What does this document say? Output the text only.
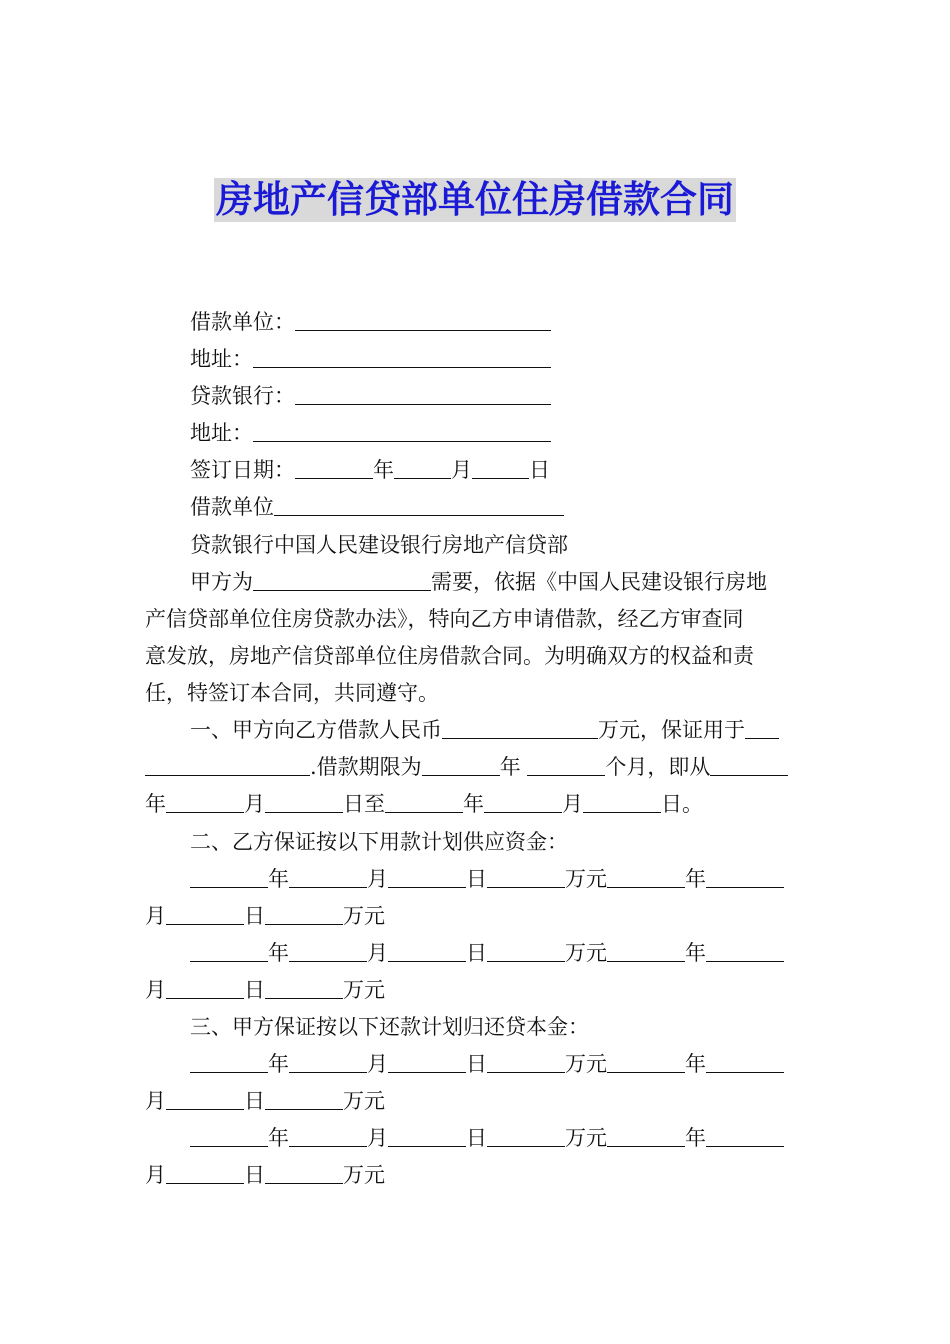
房地产信贷部单位住房借款合同
借款单位：
地址：
贷款银行：
地址：
签订日期：	年	月	日
借款单位
贷款银行中国人民建设银行房地产信贷部
甲方为	需要，依据《中国人民建设银行房地
产信贷部单位住房贷款办法》，特向乙方申请借款，经乙方审查同
意发放，房地产信贷部单位住房借款合同。为明确双方的权益和责
任，特签订本合同，共同遵守。
一、甲方向乙方借款人民币	万元，保证用于
.借款期限为	年	个月，即从
年	月	日至	年	月	日。
二、乙方保证按以下用款计划供应资金：
年	月	日	万元	年
月	日	万元
年	月	日	万元	年
月	日	万元
三、甲方保证按以下还款计划归还贷本金：
年	月	日	万元	年
月	日	万元
年	月	日	万元	年
月	日	万元
